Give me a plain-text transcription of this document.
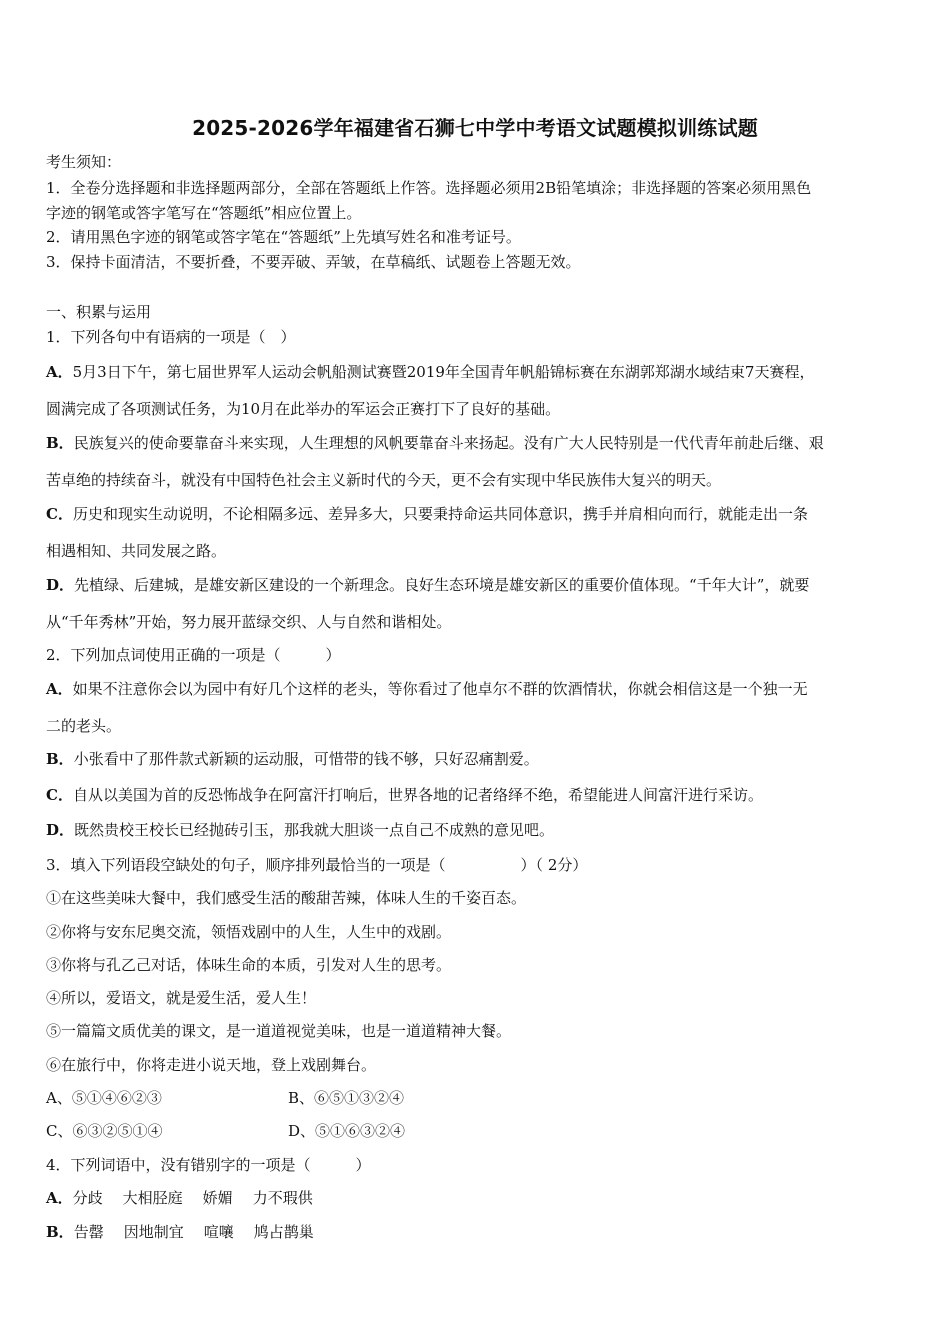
2025-2026学年福建省石狮七中学中考语文试题模拟训练试题
考生须知：
1．全卷分选择题和非选择题两部分，全部在答题纸上作答。选择题必须用2B铅笔填涂；非选择题的答案必须用黑色
字迹的钢笔或答字笔写在“答题纸”相应位置上。
2．请用黑色字迹的钢笔或答字笔在“答题纸”上先填写姓名和准考证号。
3．保持卡面清洁，不要折叠，不要弄破、弄皱，在草稿纸、试题卷上答题无效。
一、积累与运用
1．下列各句中有语病的一项是（　）
A．5月3日下午，第七届世界军人运动会帆船测试赛暨2019年全国青年帆船锦标赛在东湖郭郑湖水域结束7天赛程，
圆满完成了各项测试任务，为10月在此举办的军运会正赛打下了良好的基础。
B．民族复兴的使命要靠奋斗来实现，人生理想的风帆要靠奋斗来扬起。没有广大人民特别是一代代青年前赴后继、艰
苦卓绝的持续奋斗，就没有中国特色社会主义新时代的今天，更不会有实现中华民族伟大复兴的明天。
C．历史和现实生动说明，不论相隔多远、差异多大，只要秉持命运共同体意识，携手并肩相向而行，就能走出一条
相遇相知、共同发展之路。
D．先植绿、后建城，是雄安新区建设的一个新理念。良好生态环境是雄安新区的重要价值体现。“千年大计”，就要
从“千年秀林”开始，努力展开蓝绿交织、人与自然和谐相处。
2．下列加点词使用正确的一项是（　　　）
A．如果不注意你会以为园中有好几个这样的老头，等你看过了他卓尔不群的饮酒情状，你就会相信这是一个独一无
二的老头。
B．小张看中了那件款式新颖的运动服，可惜带的钱不够，只好忍痛割爱。
C．自从以美国为首的反恐怖战争在阿富汗打响后，世界各地的记者络绎不绝，希望能进人间富汗进行采访。
D．既然贵校王校长已经抛砖引玉，那我就大胆谈一点自己不成熟的意见吧。
3．填入下列语段空缺处的句子，顺序排列最恰当的一项是（　　　　　）（ 2分）
①在这些美味大餐中，我们感受生活的酸甜苦辣，体味人生的千姿百态。
②你将与安东尼奥交流，领悟戏剧中的人生，人生中的戏剧。
③你将与孔乙己对话，体味生命的本质，引发对人生的思考。
④所以，爱语文，就是爱生活，爱人生！
⑤一篇篇文质优美的课文，是一道道视觉美味，也是一道道精神大餐。
⑥在旅行中，你将走进小说天地，登上戏剧舞台。
A、⑤①④⑥②③	B、⑥⑤①③②④
C、⑥③②⑤①④	D、⑤①⑥③②④
4．下列词语中，没有错别字的一项是（　　　）
A．分歧 大相胫庭 娇媚 力不瑕供
B．告罄 因地制宜 喧嚷 鸠占鹊巢
